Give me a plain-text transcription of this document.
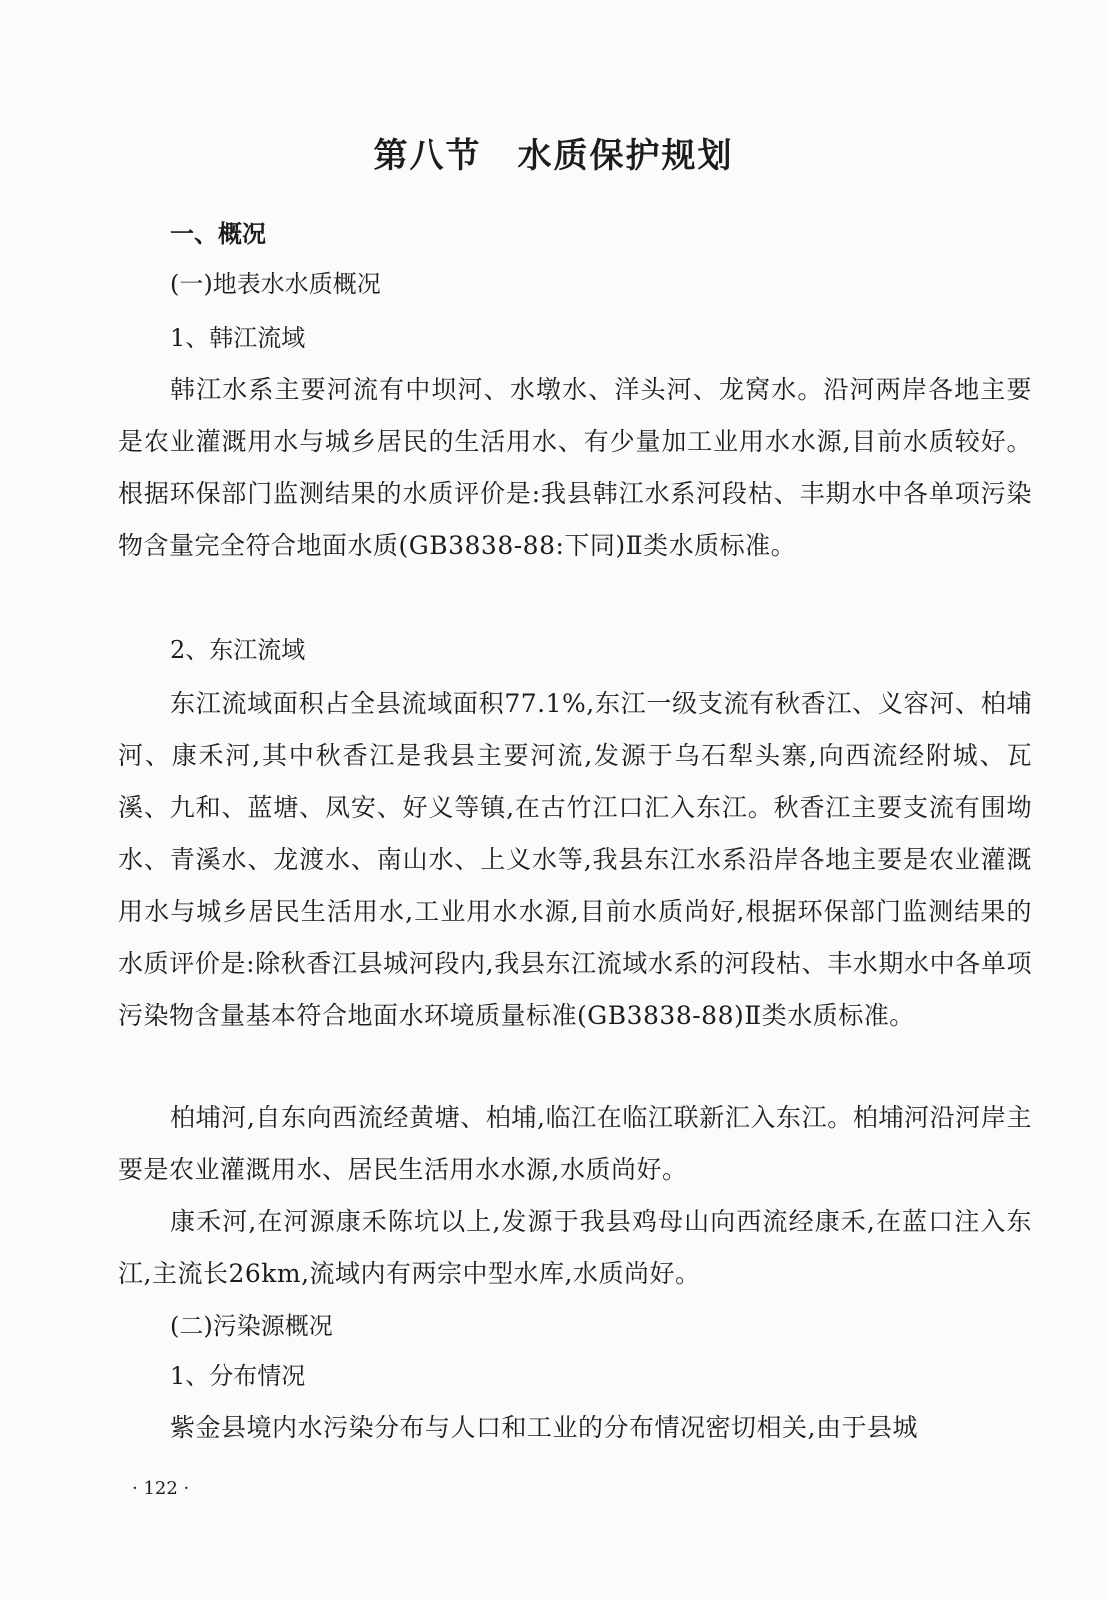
第八节 水质保护规划

一、概况

(一)地表水水质概况

1、韩江流域

韩江水系主要河流有中坝河、水墩水、洋头河、龙窝水。沿河两岸各地主要是农业灌溉用水与城乡居民的生活用水、有少量加工业用水水源,目前水质较好。根据环保部门监测结果的水质评价是:我县韩江水系河段枯、丰期水中各单项污染物含量完全符合地面水质(GB3838-88:下同)Ⅱ类水质标准。

2、东江流域

东江流域面积占全县流域面积77.1%,东江一级支流有秋香江、义容河、柏埔河、康禾河,其中秋香江是我县主要河流,发源于乌石犁头寨,向西流经附城、瓦溪、九和、蓝塘、凤安、好义等镇,在古竹江口汇入东江。秋香江主要支流有围坳水、青溪水、龙渡水、南山水、上义水等,我县东江水系沿岸各地主要是农业灌溉用水与城乡居民生活用水,工业用水水源,目前水质尚好,根据环保部门监测结果的水质评价是:除秋香江县城河段内,我县东江流域水系的河段枯、丰水期水中各单项污染物含量基本符合地面水环境质量标准(GB3838-88)Ⅱ类水质标准。

柏埔河,自东向西流经黄塘、柏埔,临江在临江联新汇入东江。柏埔河沿河岸主要是农业灌溉用水、居民生活用水水源,水质尚好。

康禾河,在河源康禾陈坑以上,发源于我县鸡母山向西流经康禾,在蓝口注入东江,主流长26km,流域内有两宗中型水库,水质尚好。

(二)污染源概况

1、分布情况

紫金县境内水污染分布与人口和工业的分布情况密切相关,由于县城

· 122 ·
